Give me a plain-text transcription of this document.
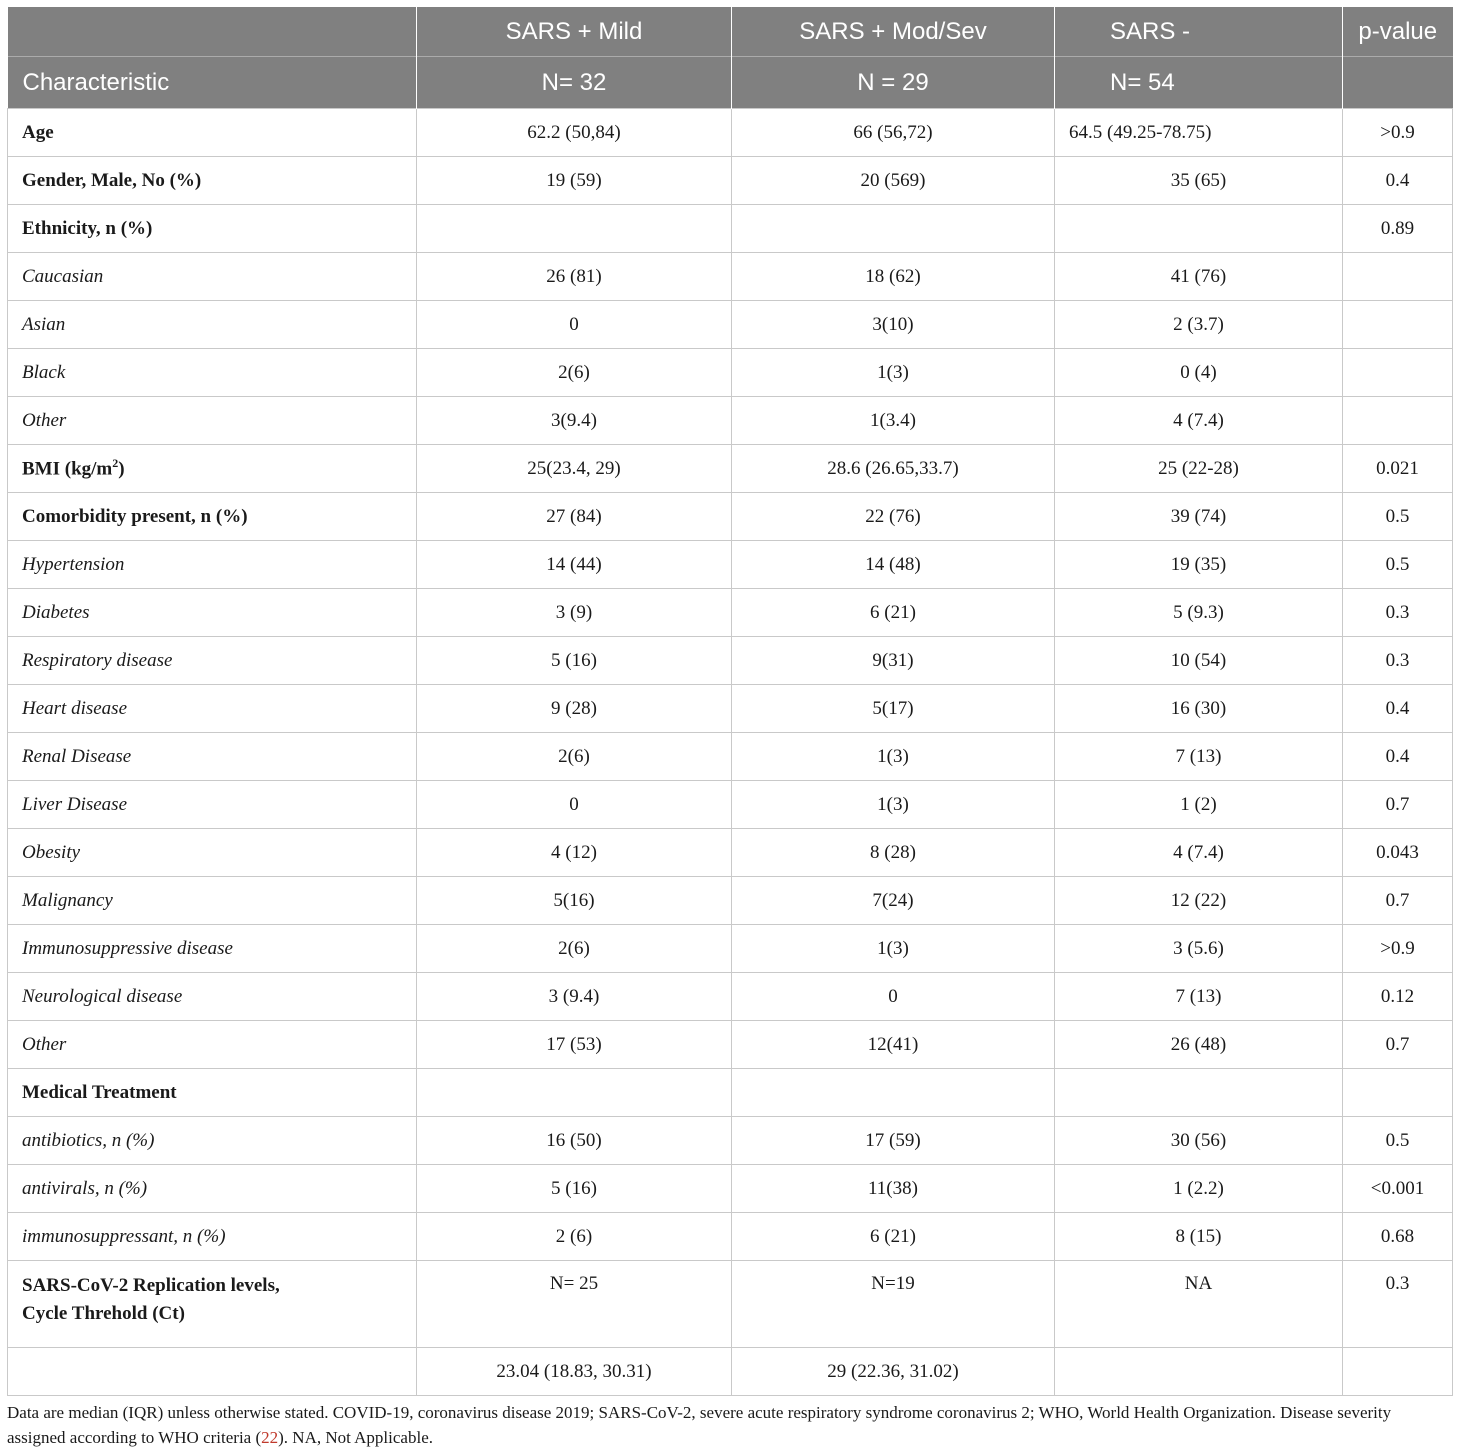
	SARS + Mild	SARS + Mod/Sev	SARS -	p-value
Characteristic	N= 32	N = 29	N= 54	
Age	62.2 (50,84)	66 (56,72)	64.5 (49.25-78.75)	>0.9
Gender, Male, No (%)	19 (59)	20 (569)	35 (65)	0.4
Ethnicity, n (%)				0.89
Caucasian	26 (81)	18 (62)	41 (76)	
Asian	0	3(10)	2 (3.7)	
Black	2(6)	1(3)	0 (4)	
Other	3(9.4)	1(3.4)	4 (7.4)	
BMI $(kg/m^2)$	25(23.4, 29)	28.6 (26.65,33.7)	25 (22-28)	0.021
Comorbidity present, n (%)	27 (84)	22 (76)	39 (74)	0.5
Hypertension	14 (44)	14 (48)	19 (35)	0.5
Diabetes	3 (9)	6 (21)	5 (9.3)	0.3
Respiratory disease	5 (16)	9(31)	10 (54)	0.3
Heart disease	9 (28)	5(17)	16 (30)	0.4
Renal Disease	2(6)	1(3)	7 (13)	0.4
Liver Disease	0	1(3)	1 (2)	0.7
Obesity	4 (12)	8 (28)	4 (7.4)	0.043
Malignancy	5(16)	7(24)	12 (22)	0.7
Immunosuppressive disease	2(6)	1(3)	3 (5.6)	>0.9
Neurological disease	3 (9.4)	0	7 (13)	0.12
Other	17 (53)	12(41)	26 (48)	0.7
Medical Treatment				
antibiotics, n (%)	16 (50)	17 (59)	30 (56)	0.5
antivirals, n (%)	5 (16)	11(38)	1 (2.2)	<0.001
immunosuppressant, n (%)	2 (6)	6 (21)	8 (15)	0.68

SARS-CoV-2 Replication levels,
Cycle Threhold (Ct)	N= 25	N=19	NA	0.3
	23.04 (18.83, 30.31)	29 (22.36, 31.02)		
Data are median (IQR) unless otherwise stated. COVID-19, coronavirus disease 2019; SARS-CoV-2, severe acute respiratory syndrome coronavirus 2; WHO, World Health Organization. Disease severity assigned according to WHO criteria (22). NA, Not Applicable.
